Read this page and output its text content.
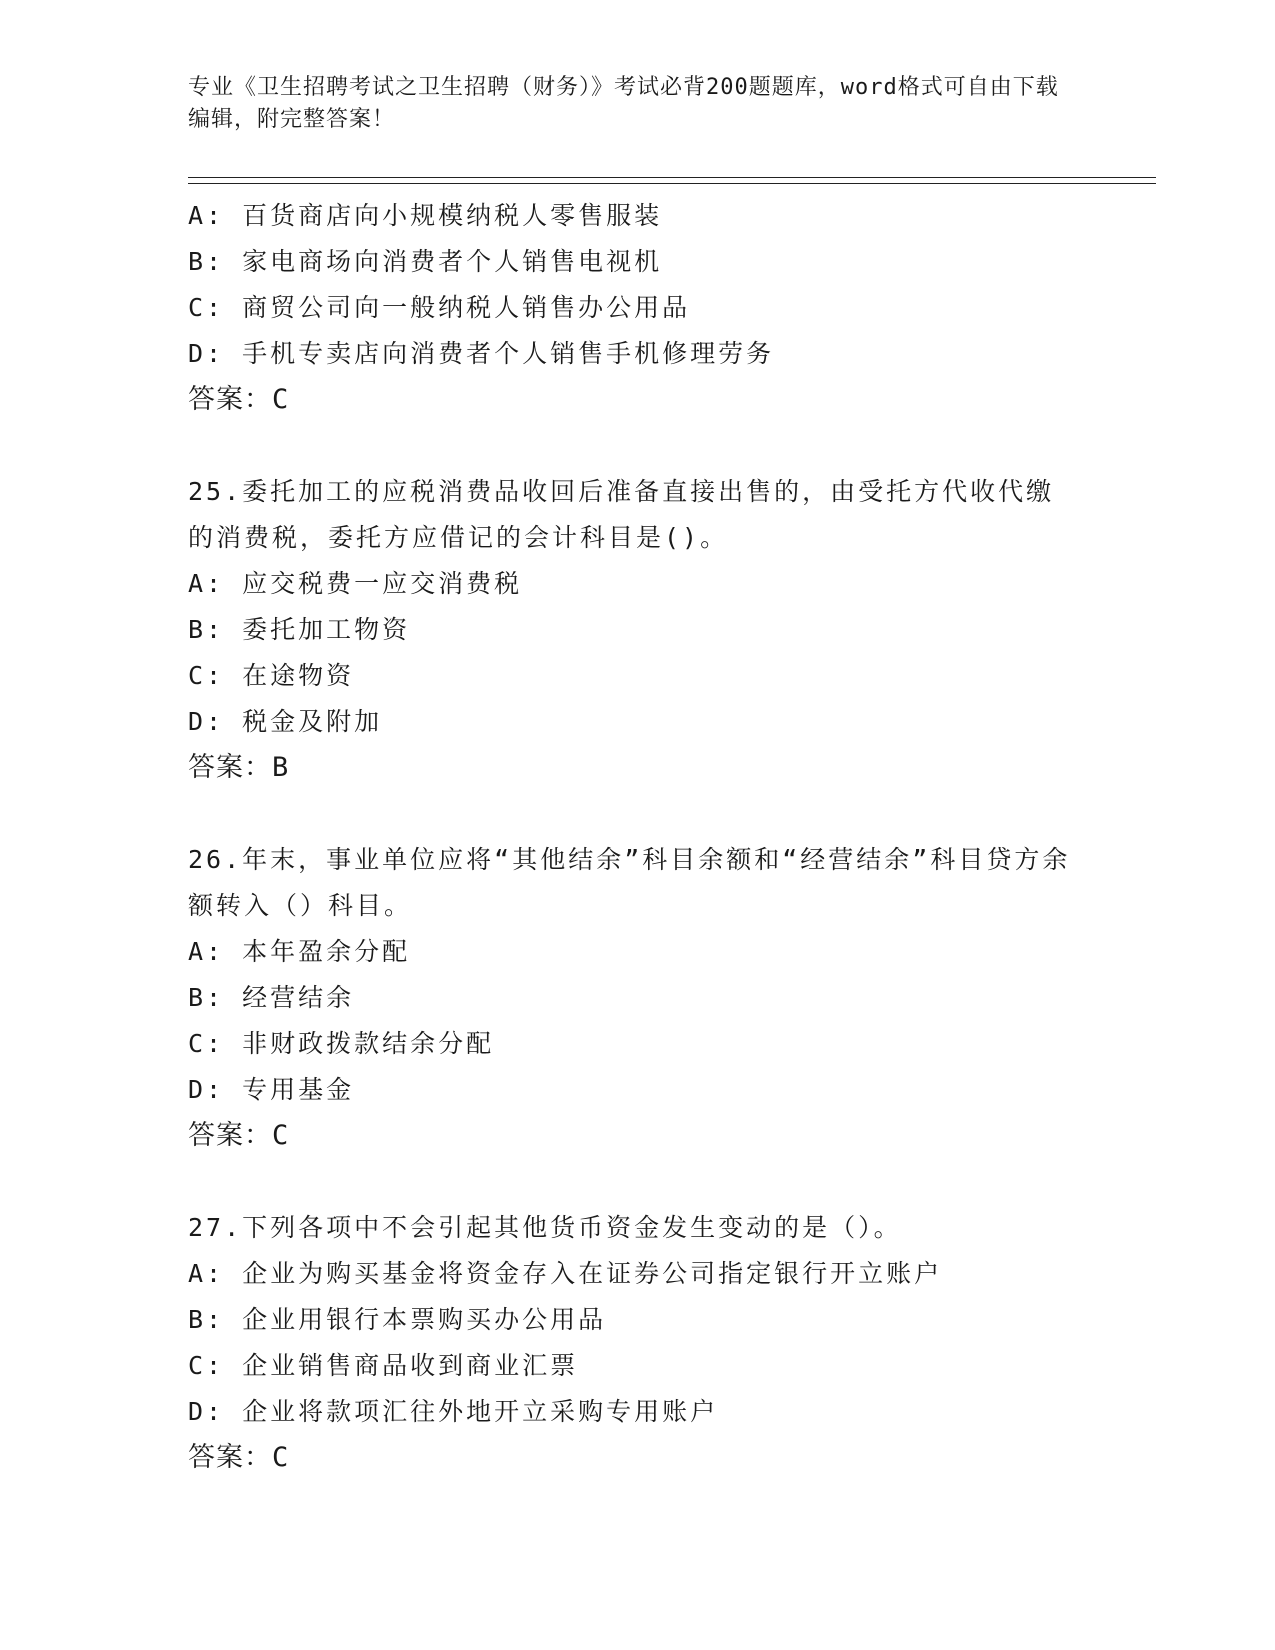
专业《卫生招聘考试之卫生招聘（财务）》考试必背200题题库，word格式可自由下载编辑，附完整答案！
A: 百货商店向小规模纳税人零售服装
B: 家电商场向消费者个人销售电视机
C: 商贸公司向一般纳税人销售办公用品
D: 手机专卖店向消费者个人销售手机修理劳务
答案：C
25.委托加工的应税消费品收回后准备直接出售的，由受托方代收代缴的消费税，委托方应借记的会计科目是()。
A: 应交税费一应交消费税
B: 委托加工物资
C: 在途物资
D: 税金及附加
答案：B
26.年末，事业单位应将“其他结余”科目余额和“经营结余”科目贷方余额转入（）科目。
A: 本年盈余分配
B: 经营结余
C: 非财政拨款结余分配
D: 专用基金
答案：C
27.下列各项中不会引起其他货币资金发生变动的是（）。
A: 企业为购买基金将资金存入在证券公司指定银行开立账户
B: 企业用银行本票购买办公用品
C: 企业销售商品收到商业汇票
D: 企业将款项汇往外地开立采购专用账户
答案：C
